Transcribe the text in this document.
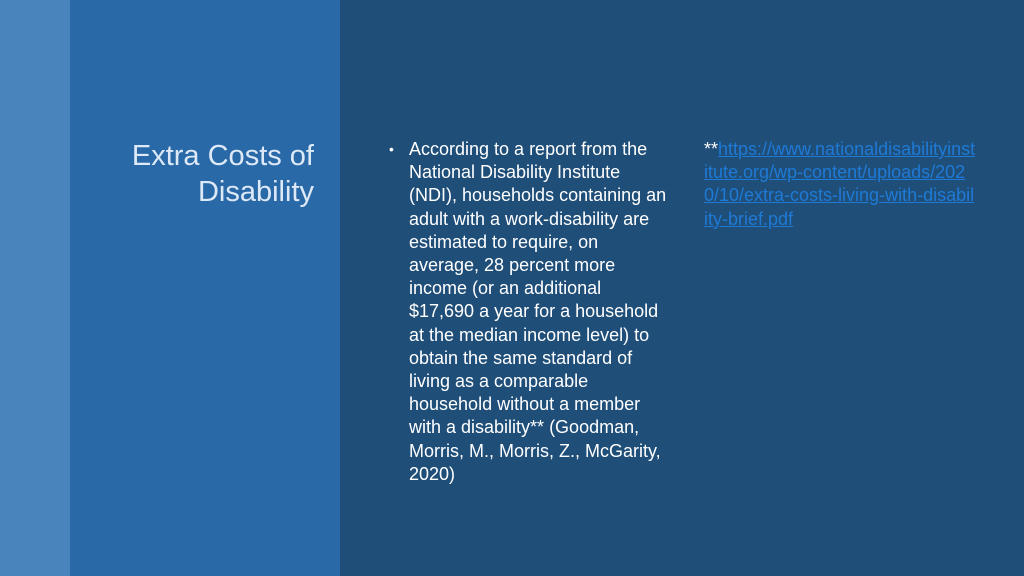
Extra Costs of
Disability
• According to a report from the National Disability Institute (NDI), households containing an adult with a work-disability are estimated to require, on average, 28 percent more income (or an additional $17,690 a year for a household at the median income level) to obtain the same standard of living as a comparable household without a member with a disability** (Goodman, Morris, M., Morris, Z., McGarity, 2020)
**https://www.nationaldisabilityinstitute.org/wp-content/uploads/2020/10/extra-costs-living-with-disability-brief.pdf
